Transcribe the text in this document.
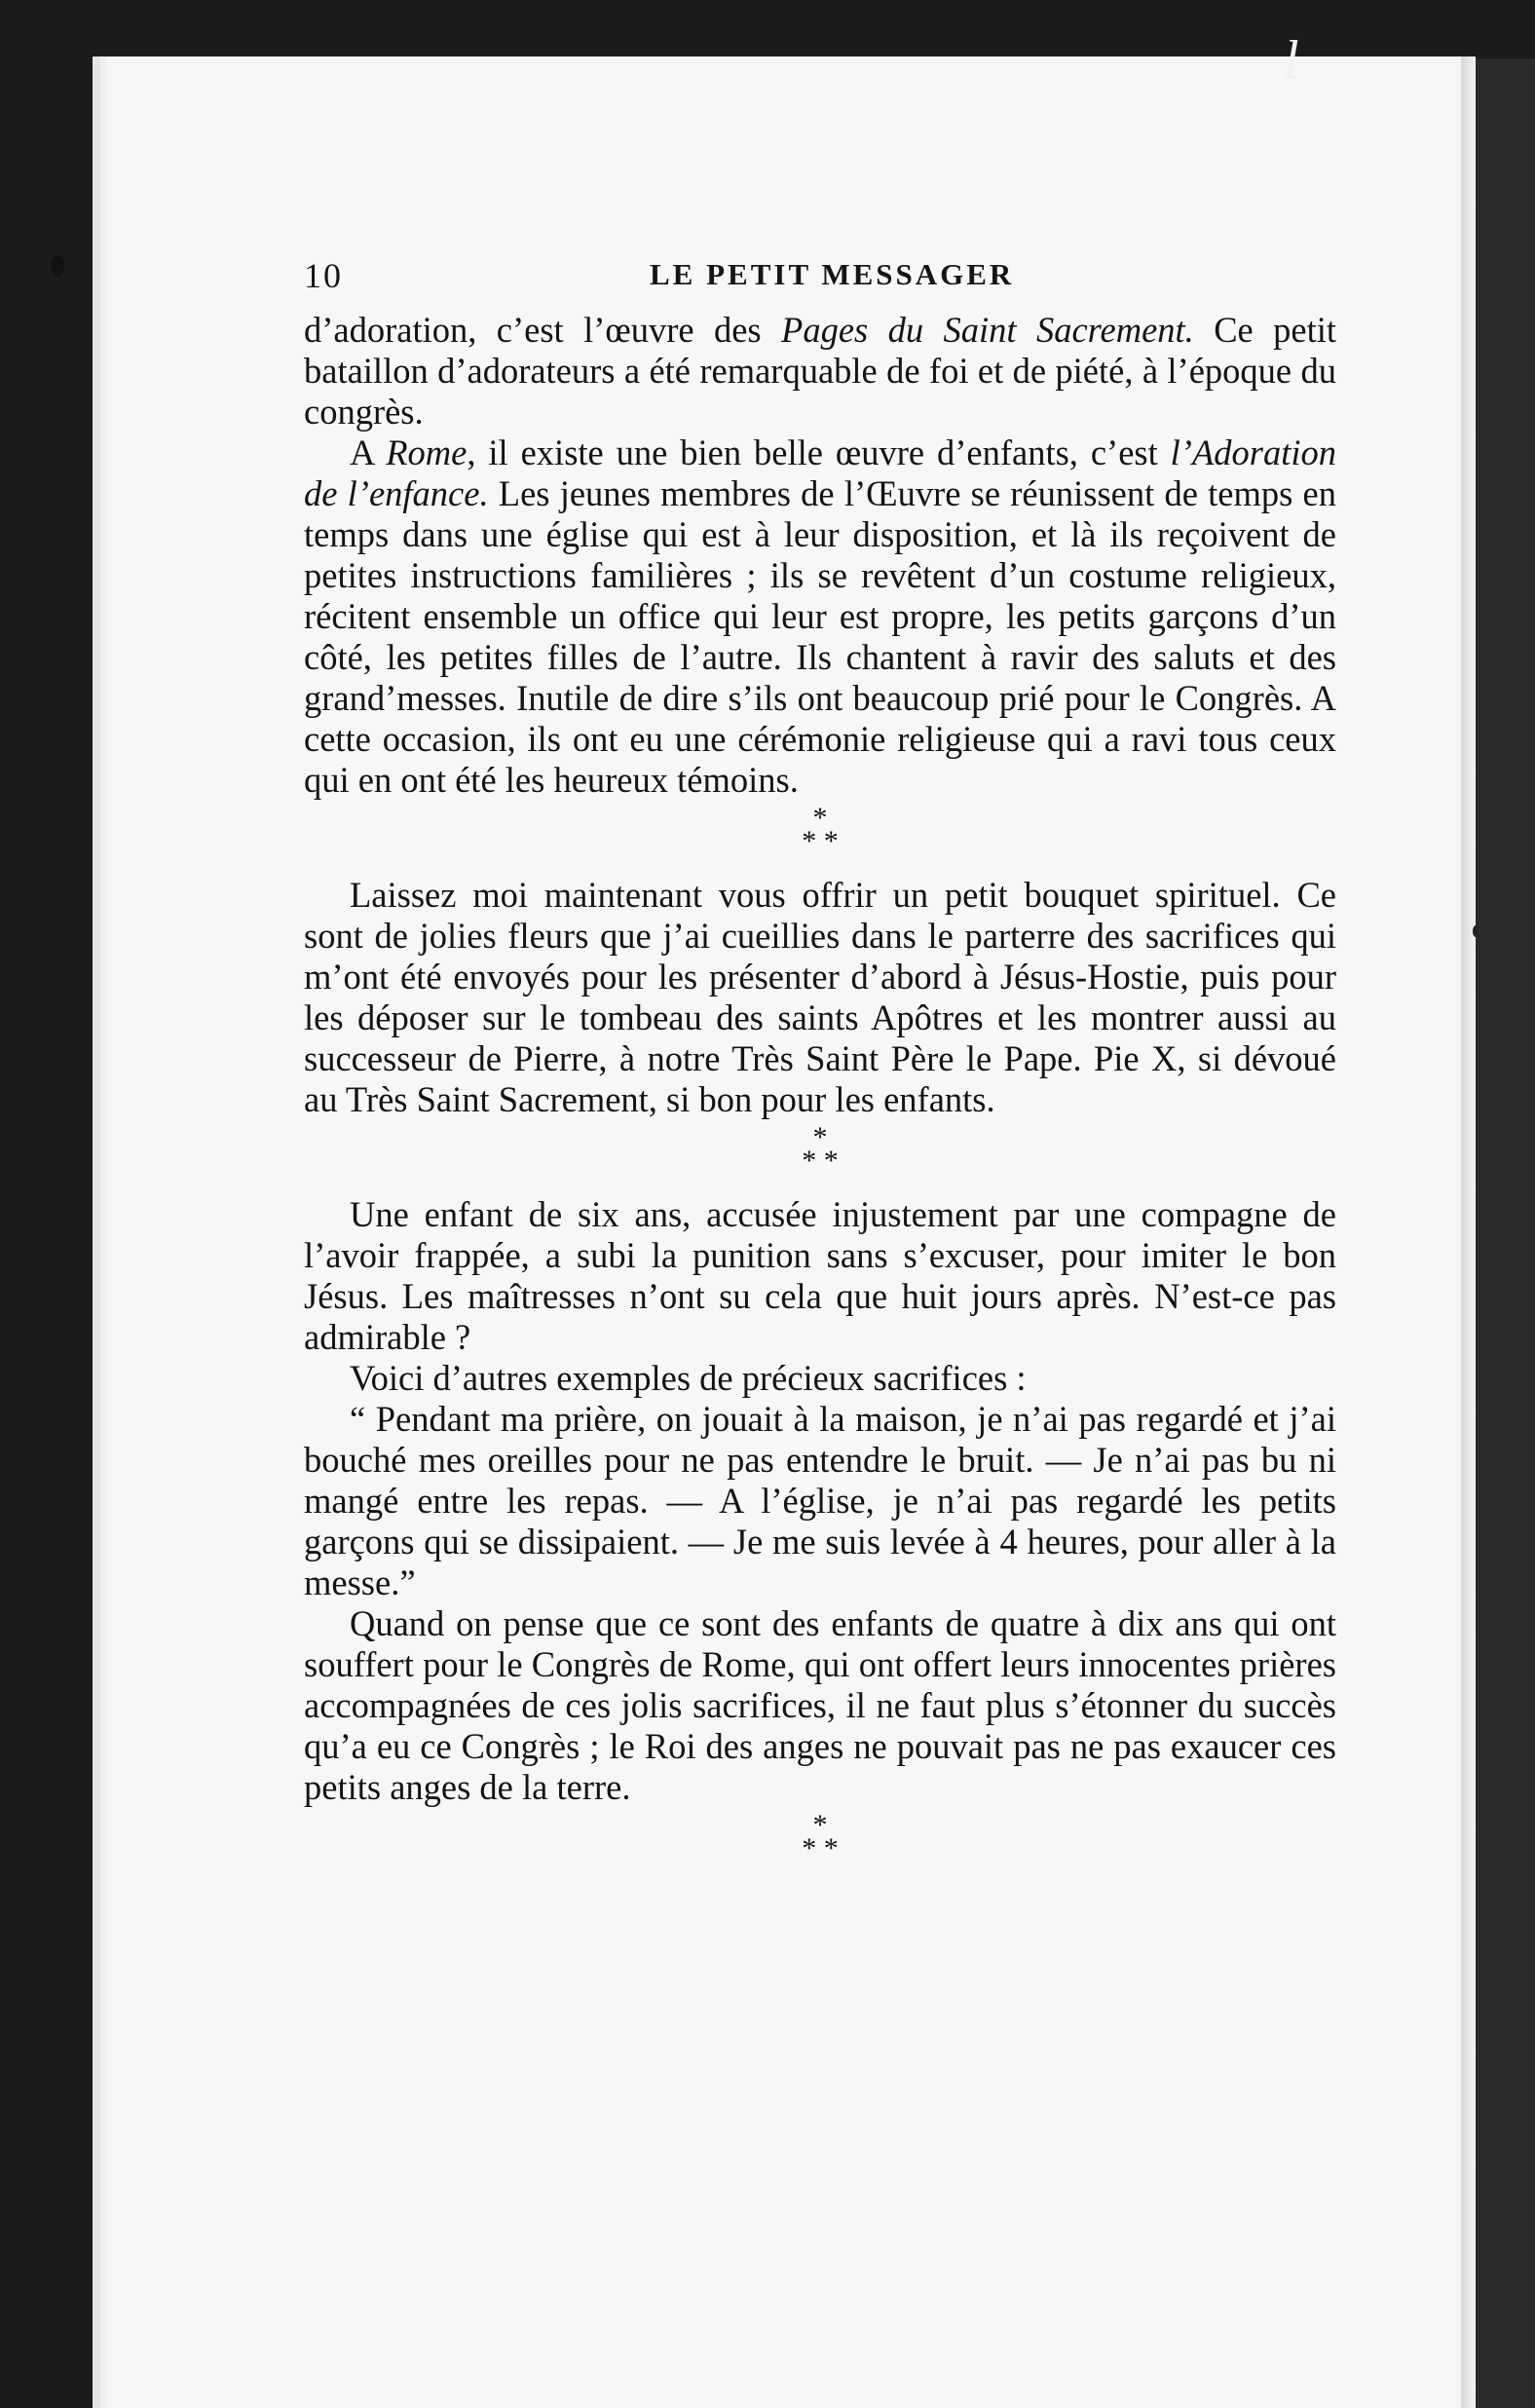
l
10	LE PETIT MESSAGER

d’adoration, c’est l’œuvre des Pages du Saint Sacrement. Ce petit bataillon d’adorateurs a été remarquable de foi et de piété, à l’époque du congrès.

A Rome, il existe une bien belle œuvre d’enfants, c’est l’Adoration de l’enfance. Les jeunes membres de l’Œuvre se réunissent de temps en temps dans une église qui est à leur disposition, et là ils reçoivent de petites instructions familières ; ils se revêtent d’un costume religieux, récitent ensemble un office qui leur est propre, les petits garçons d’un côté, les petites filles de l’autre. Ils chantent à ravir des saluts et des grand’messes. Inutile de dire s’ils ont beaucoup prié pour le Congrès. A cette occasion, ils ont eu une cérémonie religieuse qui a ravi tous ceux qui en ont été les heureux témoins.

*
* *

Laissez moi maintenant vous offrir un petit bouquet spirituel. Ce sont de jolies fleurs que j’ai cueillies dans le parterre des sacrifices qui m’ont été envoyés pour les présenter d’abord à Jésus-Hostie, puis pour les déposer sur le tombeau des saints Apôtres et les montrer aussi au successeur de Pierre, à notre Très Saint Père le Pape. Pie X, si dévoué au Très Saint Sacrement, si bon pour les enfants.

*
* *

Une enfant de six ans, accusée injustement par une compagne de l’avoir frappée, a subi la punition sans s’excuser, pour imiter le bon Jésus. Les maîtresses n’ont su cela que huit jours après. N’est-ce pas admirable ?

Voici d’autres exemples de précieux sacrifices :

“ Pendant ma prière, on jouait à la maison, je n’ai pas regardé et j’ai bouché mes oreilles pour ne pas entendre le bruit. — Je n’ai pas bu ni mangé entre les repas. — A l’église, je n’ai pas regardé les petits garçons qui se dissipaient. — Je me suis levée à 4 heures, pour aller à la messe.”

Quand on pense que ce sont des enfants de quatre à dix ans qui ont souffert pour le Congrès de Rome, qui ont offert leurs innocentes prières accompagnées de ces jolis sacrifices, il ne faut plus s’étonner du succès qu’a eu ce Congrès ; le Roi des anges ne pouvait pas ne pas exaucer ces petits anges de la terre.

*
* *
